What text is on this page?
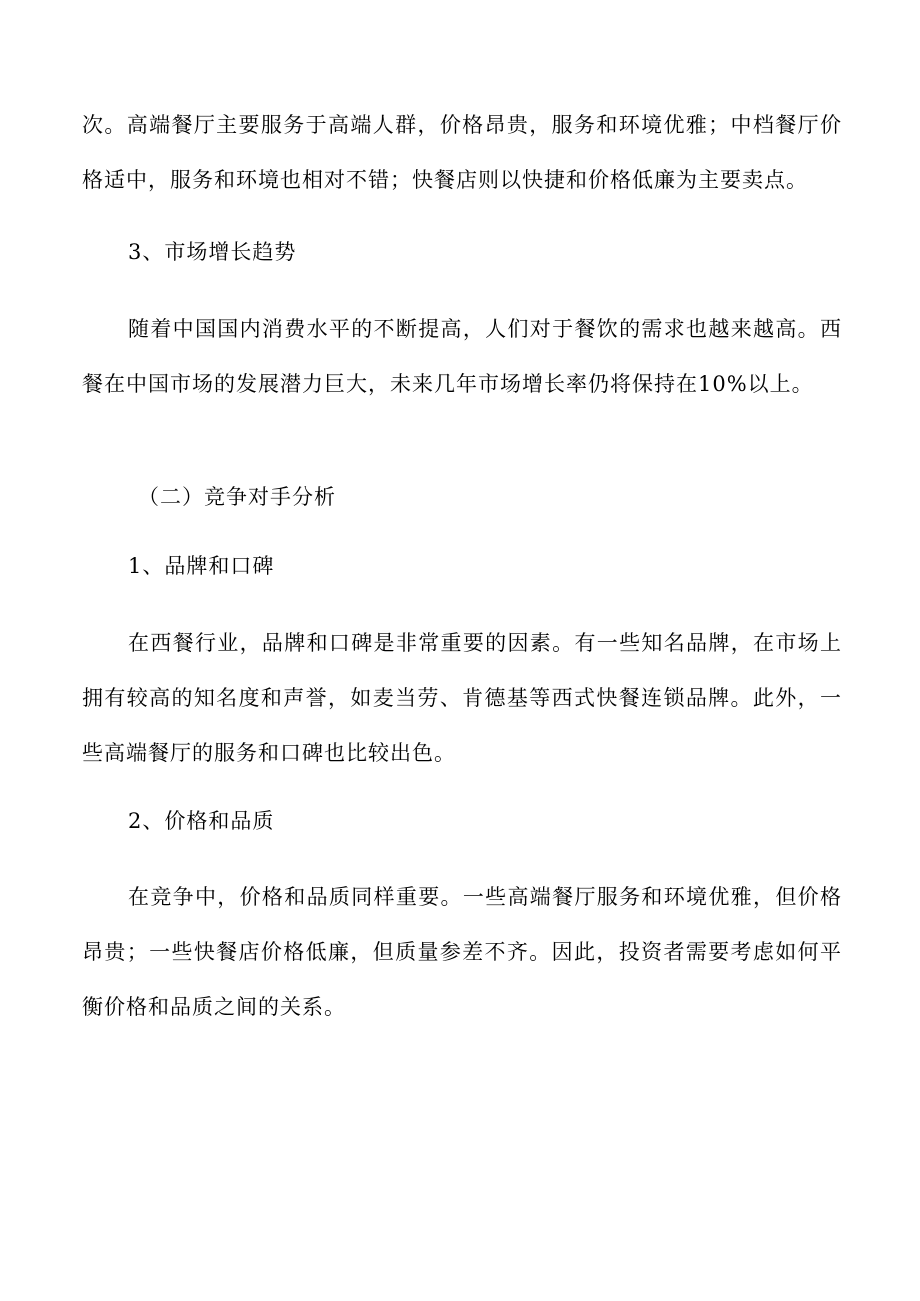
次。高端餐厅主要服务于高端人群，价格昂贵，服务和环境优雅；中档餐厅价格适中，服务和环境也相对不错；快餐店则以快捷和价格低廉为主要卖点。

3、市场增长趋势

随着中国国内消费水平的不断提高，人们对于餐饮的需求也越来越高。西餐在中国市场的发展潜力巨大，未来几年市场增长率仍将保持在10%以上。

（二）竞争对手分析

1、品牌和口碑

在西餐行业，品牌和口碑是非常重要的因素。有一些知名品牌，在市场上拥有较高的知名度和声誉，如麦当劳、肯德基等西式快餐连锁品牌。此外，一些高端餐厅的服务和口碑也比较出色。

2、价格和品质

在竞争中，价格和品质同样重要。一些高端餐厅服务和环境优雅，但价格昂贵；一些快餐店价格低廉，但质量参差不齐。因此，投资者需要考虑如何平衡价格和品质之间的关系。
